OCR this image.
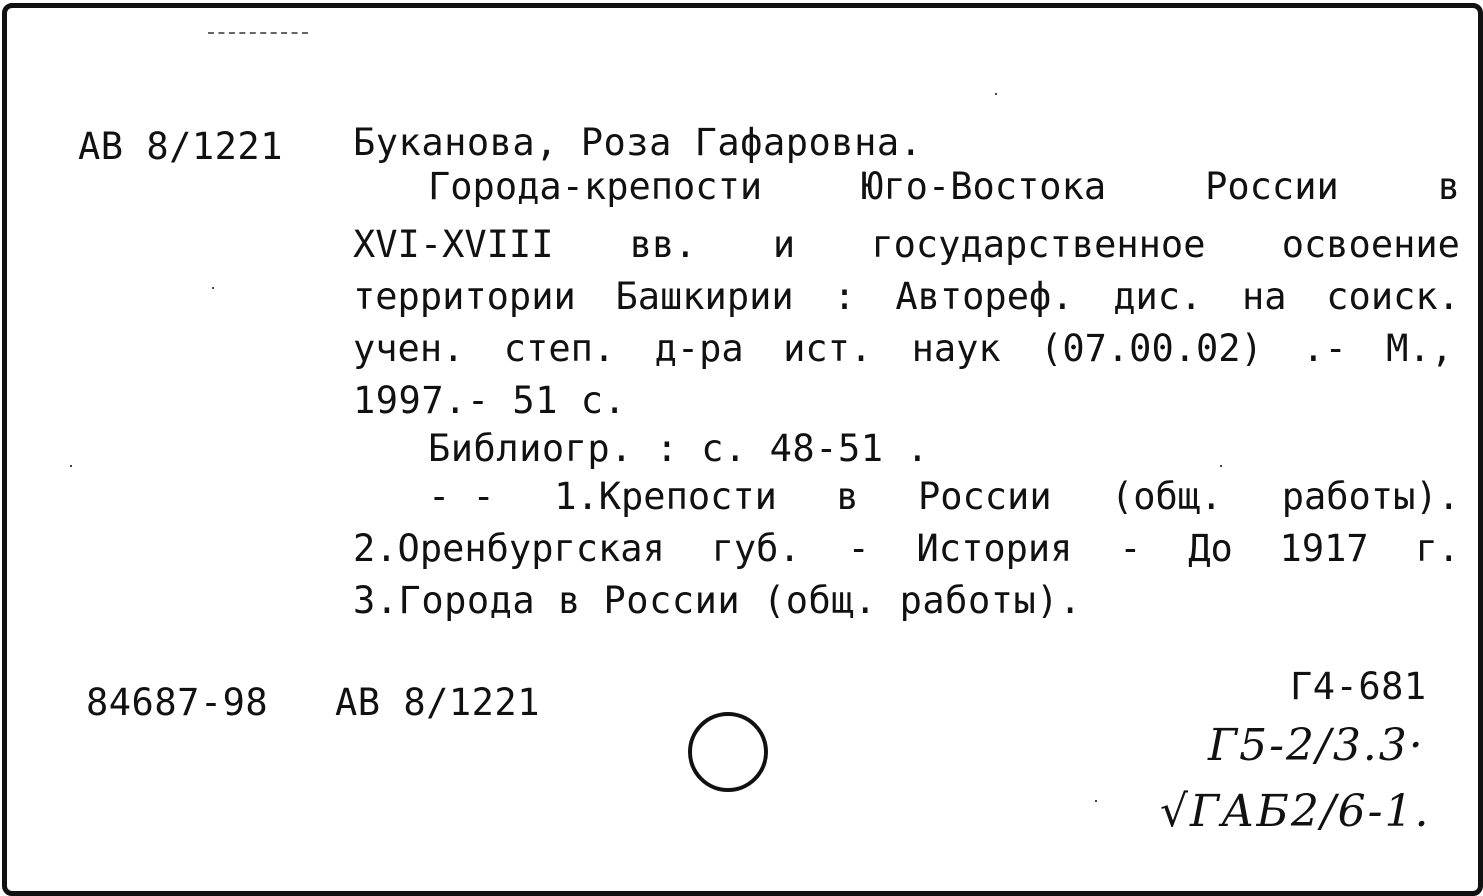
АВ 8/1221 Буканова, Роза Гафаровна.
Города-крепости	Юго-Востока	России	в
XVI-XVIII вв. и государственное освоение
территории Башкирии : Автореф. дис. на соиск.
учен. степ. д-ра ист. наук (07.00.02) .- М.,
1997.- 51 с.
Библиогр. : с. 48-51 .
- - 1.Крепости в России (общ. работы).
2.Оренбургская губ. - История - До 1917 г.
3.Города в России (общ. работы).
84687-98 АВ 8/1221	Г4-681
Г5-2/3.3·
√ГАБ2/6-1.
